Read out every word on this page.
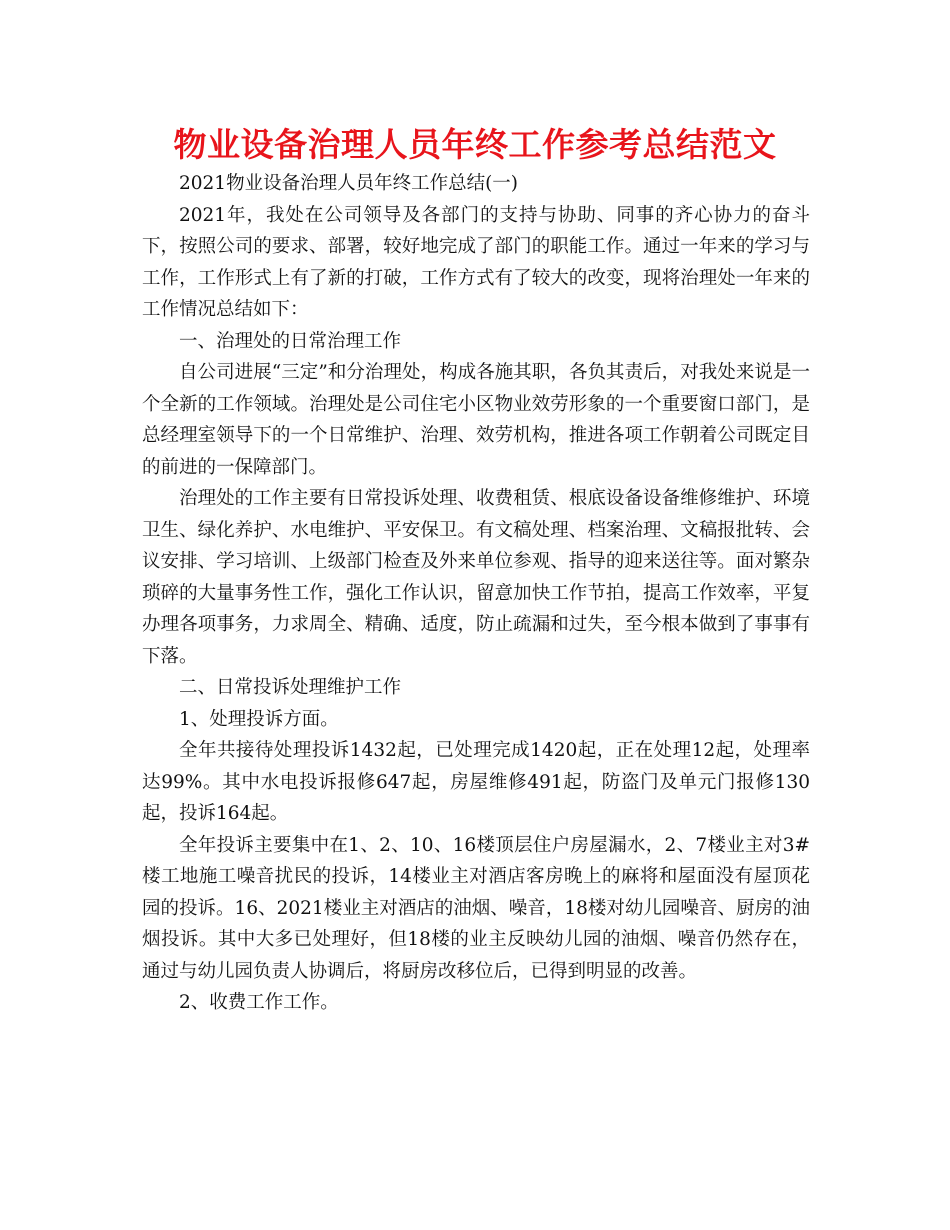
物业设备治理人员年终工作参考总结范文

2021物业设备治理人员年终工作总结(一)

2021年，我处在公司领导及各部门的支持与协助、同事的齐心协力的奋斗下，按照公司的要求、部署，较好地完成了部门的职能工作。通过一年来的学习与工作，工作形式上有了新的打破，工作方式有了较大的改变，现将治理处一年来的工作情况总结如下：

一、治理处的日常治理工作

自公司进展“三定”和分治理处，构成各施其职，各负其责后，对我处来说是一个全新的工作领域。治理处是公司住宅小区物业效劳形象的一个重要窗口部门，是总经理室领导下的一个日常维护、治理、效劳机构，推进各项工作朝着公司既定目的前进的一保障部门。

治理处的工作主要有日常投诉处理、收费租赁、根底设备设备维修维护、环境卫生、绿化养护、水电维护、平安保卫。有文稿处理、档案治理、文稿报批转、会议安排、学习培训、上级部门检查及外来单位参观、指导的迎来送往等。面对繁杂琐碎的大量事务性工作，强化工作认识，留意加快工作节拍，提高工作效率，平复办理各项事务，力求周全、精确、适度，防止疏漏和过失，至今根本做到了事事有下落。

二、日常投诉处理维护工作

1、处理投诉方面。

全年共接待处理投诉1432起，已处理完成1420起，正在处理12起，处理率达99%。其中水电投诉报修647起，房屋维修491起，防盗门及单元门报修130起，投诉164起。

全年投诉主要集中在1、2、10、16楼顶层住户房屋漏水，2、7楼业主对3#楼工地施工噪音扰民的投诉，14楼业主对酒店客房晚上的麻将和屋面没有屋顶花园的投诉。16、2021楼业主对酒店的油烟、噪音，18楼对幼儿园噪音、厨房的油烟投诉。其中大多已处理好，但18楼的业主反映幼儿园的油烟、噪音仍然存在，通过与幼儿园负责人协调后，将厨房改移位后，已得到明显的改善。

2、收费工作工作。
